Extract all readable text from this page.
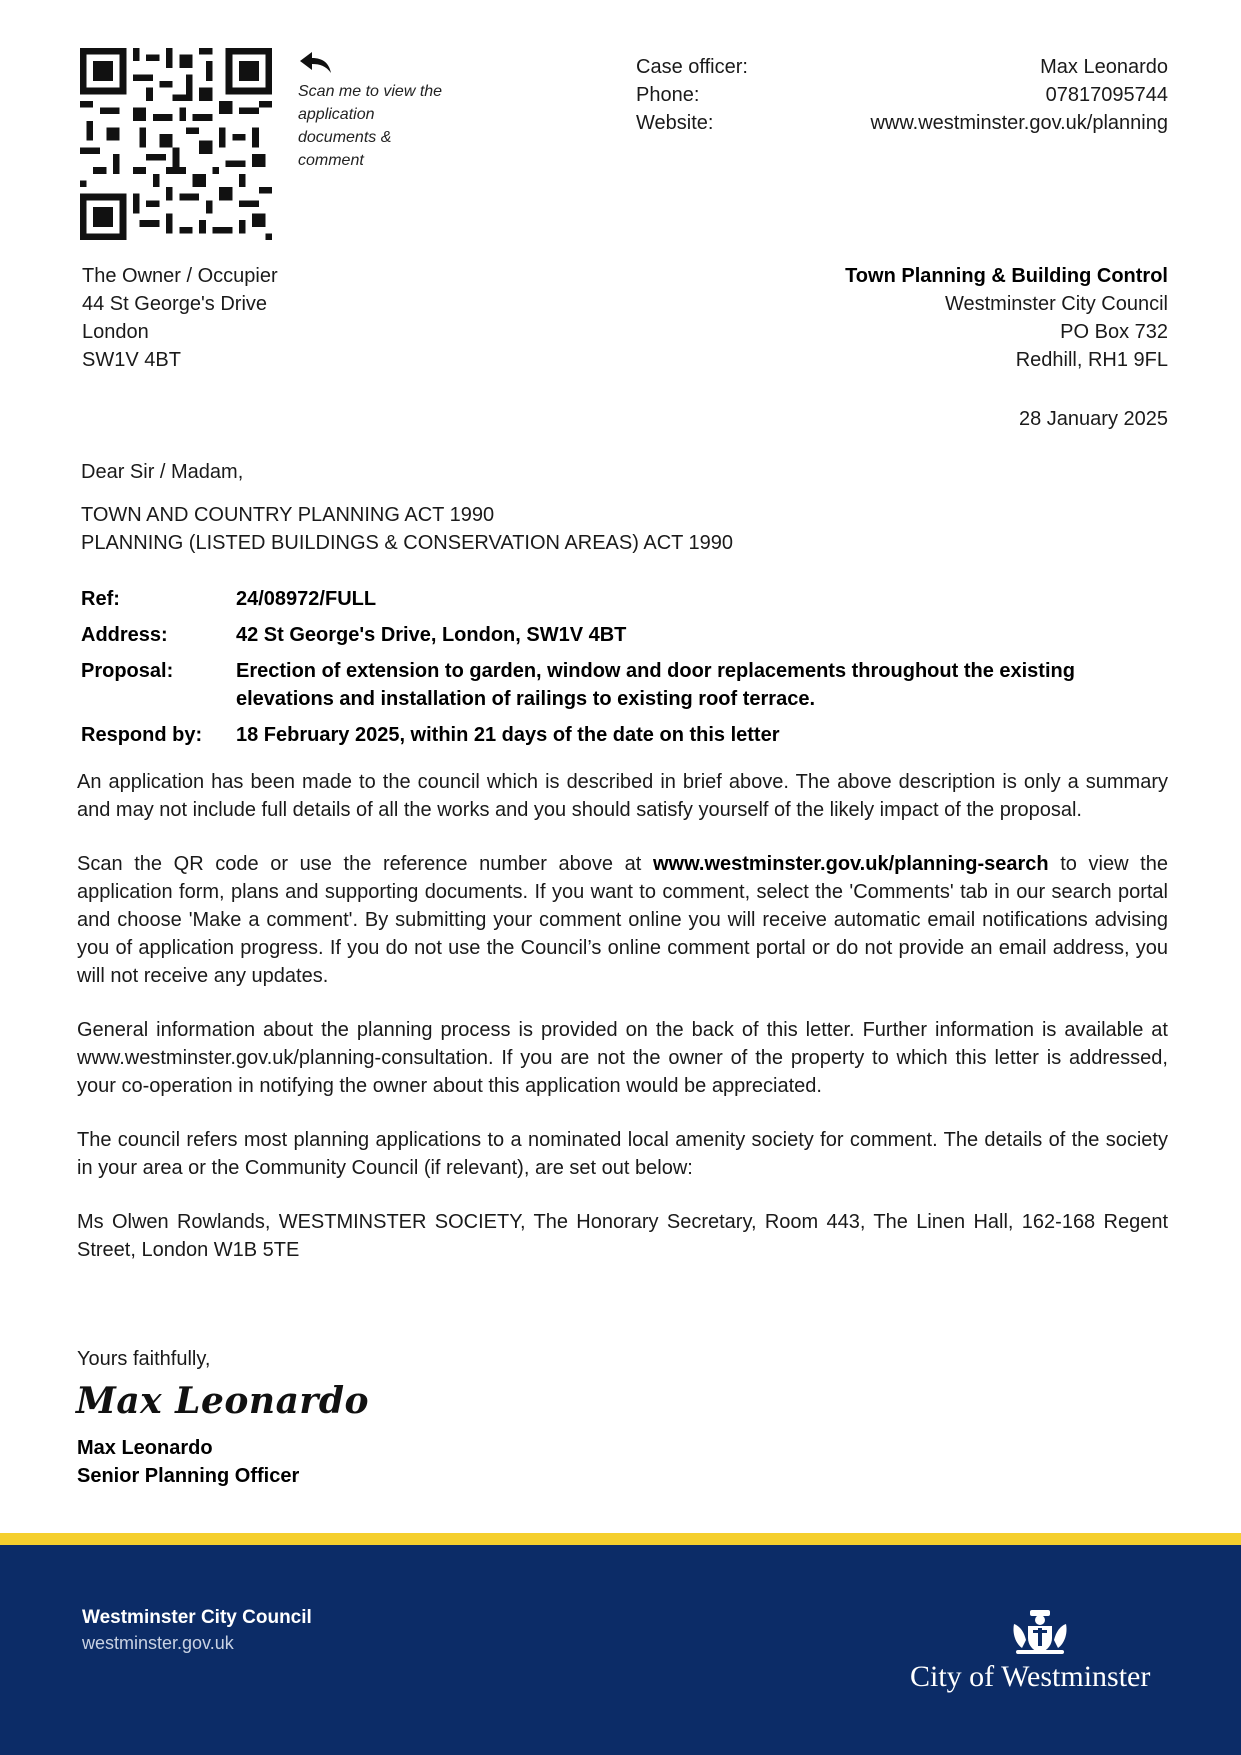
Scan me to view the application documents & comment
Case officer:	Max Leonardo
Phone:	07817095744
Website:	www.westminster.gov.uk/planning
The Owner / Occupier
44 St George's Drive
London
SW1V 4BT
Town Planning & Building Control
Westminster City Council
PO Box 732
Redhill, RH1 9FL
28 January 2025
Dear Sir / Madam,
TOWN AND COUNTRY PLANNING ACT 1990
PLANNING (LISTED BUILDINGS & CONSERVATION AREAS) ACT 1990
Ref:	24/08972/FULL
Address:	42 St George's Drive, London, SW1V 4BT
Proposal:	Erection of extension to garden, window and door replacements throughout the existing elevations and installation of railings to existing roof terrace.
Respond by:	18 February 2025, within 21 days of the date on this letter

An application has been made to the council which is described in brief above. The above description is only a summary and may not include full details of all the works and you should satisfy yourself of the likely impact of the proposal.

Scan the QR code or use the reference number above at www.westminster.gov.uk/planning-search to view the application form, plans and supporting documents. If you want to comment, select the 'Comments' tab in our search portal and choose 'Make a comment'. By submitting your comment online you will receive automatic email notifications advising you of application progress. If you do not use the Council’s online comment portal or do not provide an email address, you will not receive any updates.

General information about the planning process is provided on the back of this letter. Further information is available at www.westminster.gov.uk/planning-consultation. If you are not the owner of the property to which this letter is addressed, your co-operation in notifying the owner about this application would be appreciated.

The council refers most planning applications to a nominated local amenity society for comment. The details of the society in your area or the Community Council (if relevant), are set out below:

Ms Olwen Rowlands, WESTMINSTER SOCIETY, The Honorary Secretary, Room 443, The Linen Hall, 162-168 Regent Street, London W1B 5TE

Yours faithfully,
Max Leonardo
Max Leonardo
Senior Planning Officer
Westminster City Council
westminster.gov.uk
City of Westminster
